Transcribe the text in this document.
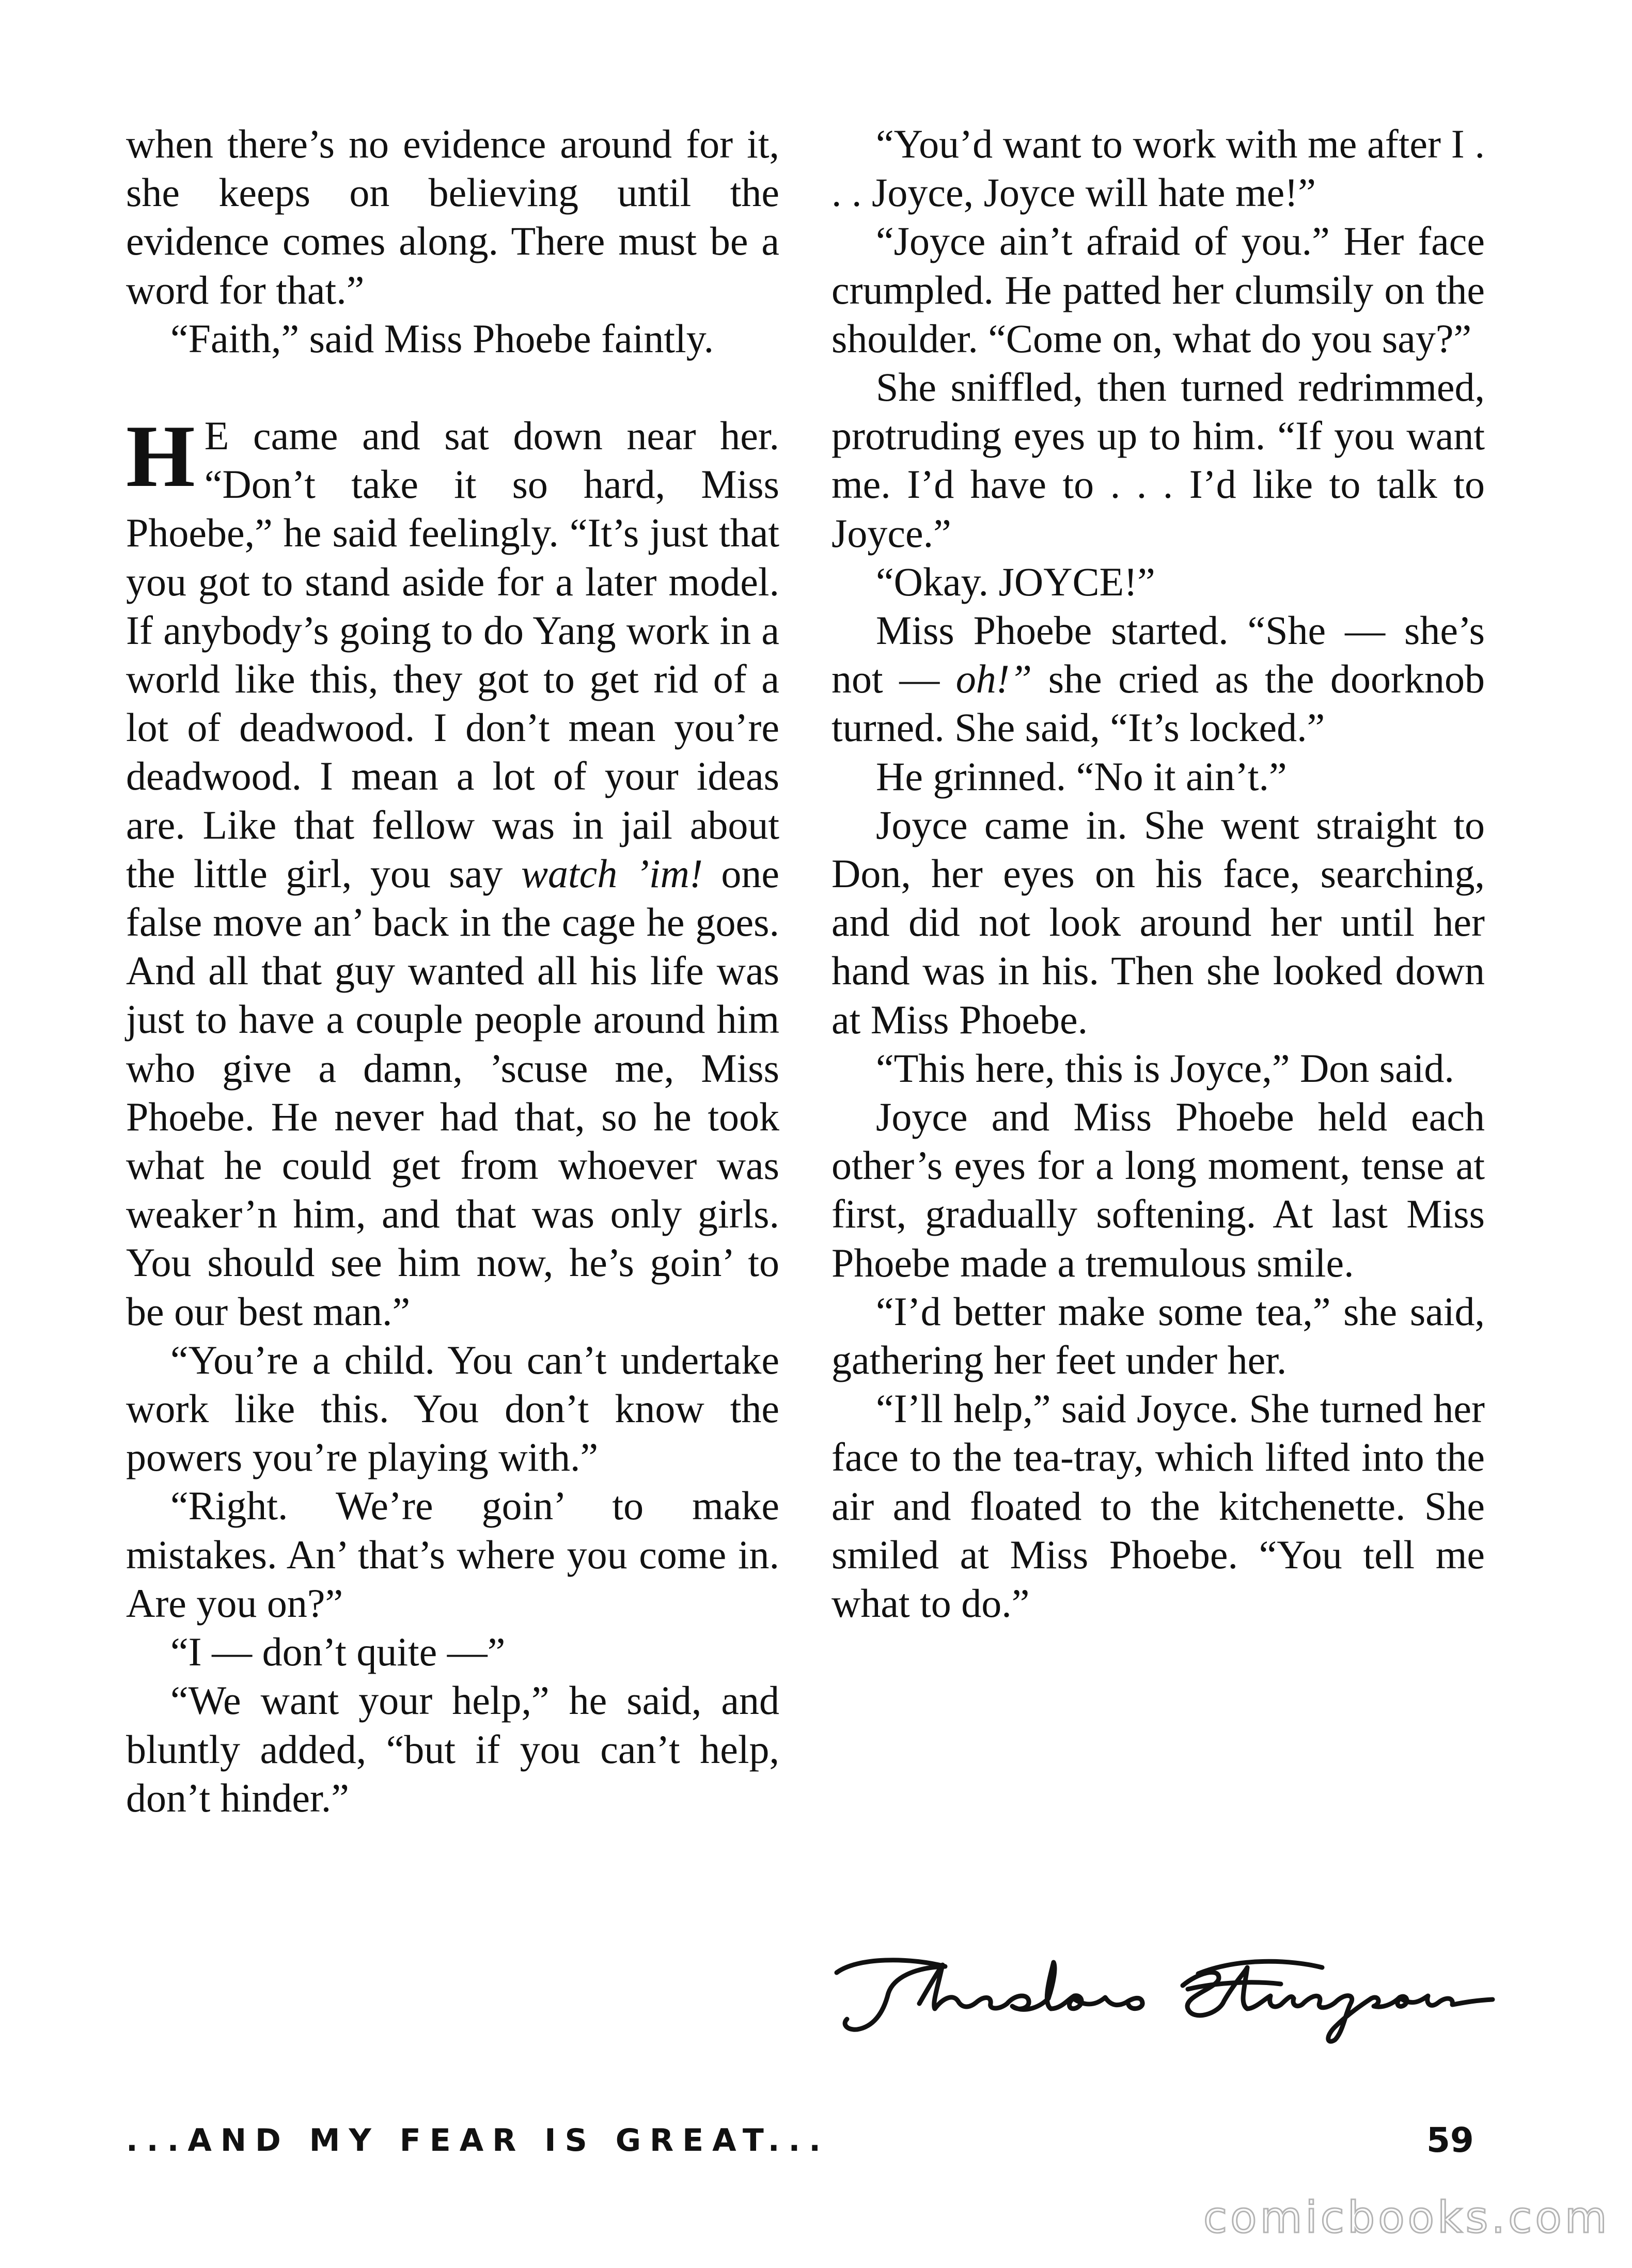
when there’s no evidence around for it, she keeps on believing until the evidence comes along. There must be a word for that.”

“Faith,” said Miss Phoebe faintly.

H E came and sat down near her. “Don’t take it so hard, Miss Phoebe,” he said feelingly. “It’s just that you got to stand aside for a later model. If anybody’s going to do Yang work in a world like this, they got to get rid of a lot of deadwood. I don’t mean you’re deadwood. I mean a lot of your ideas are. Like that fellow was in jail about the little girl, you say watch ’im! one false move an’ back in the cage he goes. And all that guy wanted all his life was just to have a couple people around him who give a damn, ’scuse me, Miss Phoebe. He never had that, so he took what he could get from whoever was weaker’n him, and that was only girls. You should see him now, he’s goin’ to be our best man.”

“You’re a child. You can’t undertake work like this. You don’t know the powers you’re playing with.”

“Right. We’re goin’ to make mistakes. An’ that’s where you come in. Are you on?”

“I — don’t quite —”

“We want your help,” he said, and bluntly added, “but if you can’t help, don’t hinder.”

“You’d want to work with me after I . . . Joyce, Joyce will hate me!”

“Joyce ain’t afraid of you.” Her face crumpled. He patted her clumsily on the shoulder. “Come on, what do you say?”

She sniffled, then turned redrimmed, protruding eyes up to him. “If you want me. I’d have to . . . I’d like to talk to Joyce.”

“Okay. JOYCE!”

Miss Phoebe started. “She — she’s not — oh!” she cried as the doorknob turned. She said, “It’s locked.”

He grinned. “No it ain’t.”

Joyce came in. She went straight to Don, her eyes on his face, searching, and did not look around her until her hand was in his. Then she looked down at Miss Phoebe.

“This here, this is Joyce,” Don said.

Joyce and Miss Phoebe held each other’s eyes for a long moment, tense at first, gradually softening. At last Miss Phoebe made a tremulous smile.

“I’d better make some tea,” she said, gathering her feet under her.

“I’ll help,” said Joyce. She turned her face to the tea-tray, which lifted into the air and floated to the kitchenette. She smiled at Miss Phoebe. “You tell me what to do.”

...AND MY FEAR IS GREAT...	59
comicbooks.com
